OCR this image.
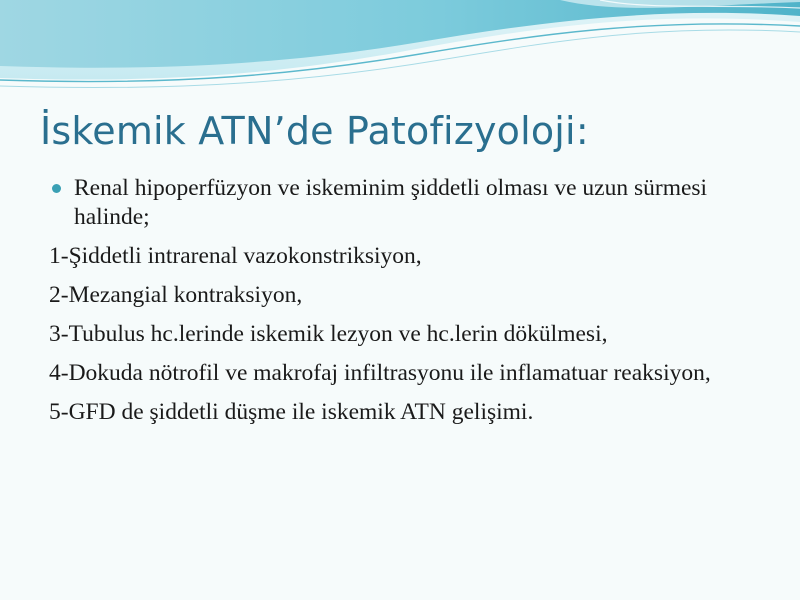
İskemik ATN’de Patofizyoloji:

Renal hipoperfüzyon ve iskeminim şiddetli olması ve uzun sürmesi halinde;

1-Şiddetli intrarenal vazokonstriksiyon,

2-Mezangial kontraksiyon,

3-Tubulus hc.lerinde iskemik lezyon ve hc.lerin dökülmesi,

4-Dokuda nötrofil ve makrofaj infiltrasyonu ile inflamatuar reaksiyon,

5-GFD de şiddetli düşme ile iskemik ATN gelişimi.
